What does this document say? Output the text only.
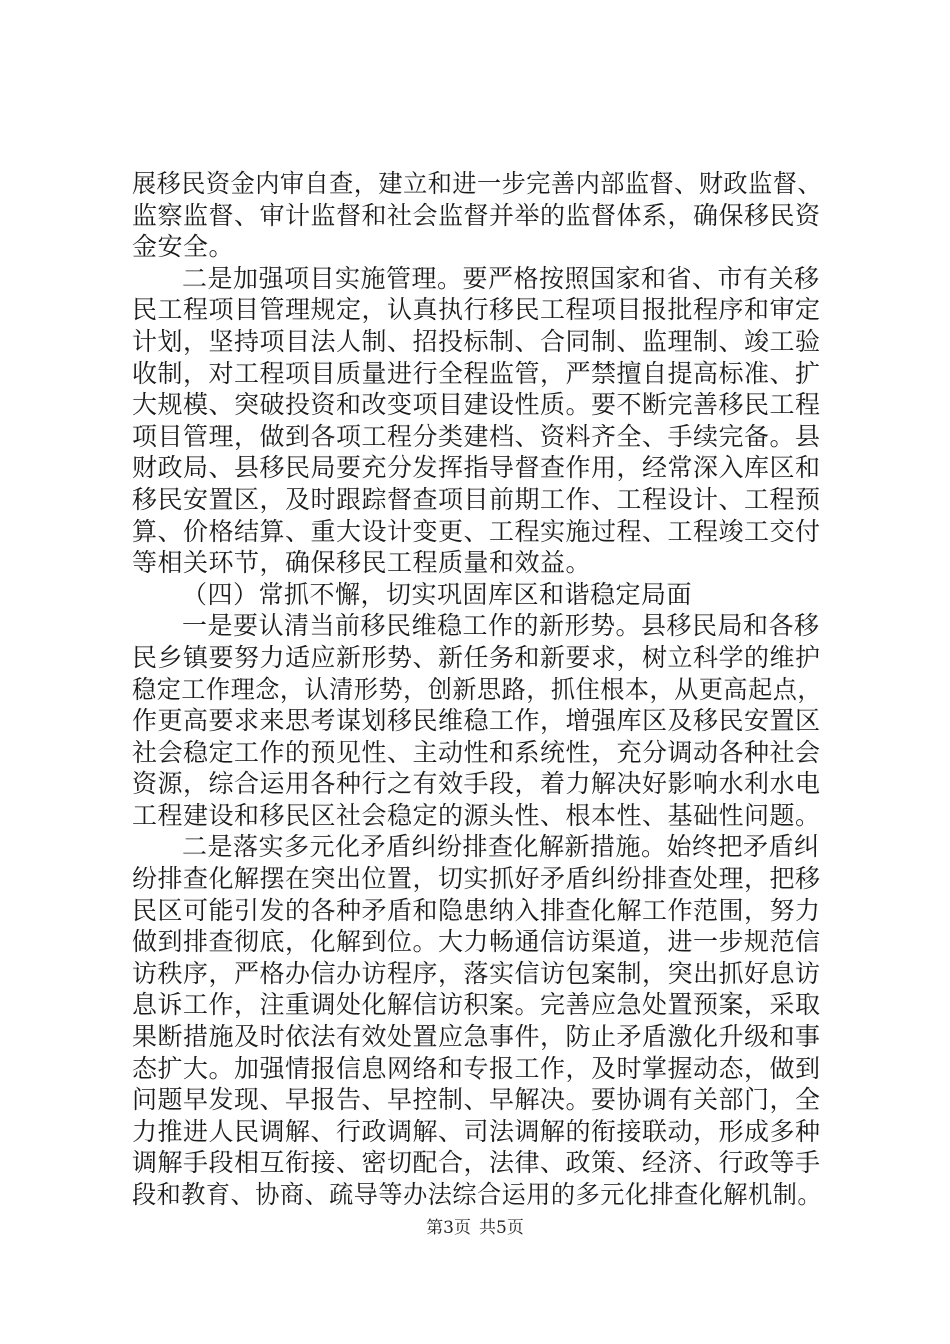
展移民资金内审自查，建立和进一步完善内部监督、财政监督、
监察监督、审计监督和社会监督并举的监督体系，确保移民资
金安全。
二是加强项目实施管理。要严格按照国家和省、市有关移
民工程项目管理规定，认真执行移民工程项目报批程序和审定
计划，坚持项目法人制、招投标制、合同制、监理制、竣工验
收制，对工程项目质量进行全程监管，严禁擅自提高标准、扩
大规模、突破投资和改变项目建设性质。要不断完善移民工程
项目管理，做到各项工程分类建档、资料齐全、手续完备。县
财政局、县移民局要充分发挥指导督查作用，经常深入库区和
移民安置区，及时跟踪督查项目前期工作、工程设计、工程预
算、价格结算、重大设计变更、工程实施过程、工程竣工交付
等相关环节，确保移民工程质量和效益。
（四）常抓不懈，切实巩固库区和谐稳定局面
一是要认清当前移民维稳工作的新形势。县移民局和各移
民乡镇要努力适应新形势、新任务和新要求，树立科学的维护
稳定工作理念，认清形势，创新思路，抓住根本，从更高起点，
作更高要求来思考谋划移民维稳工作，增强库区及移民安置区
社会稳定工作的预见性、主动性和系统性，充分调动各种社会
资源，综合运用各种行之有效手段，着力解决好影响水利水电
工程建设和移民区社会稳定的源头性、根本性、基础性问题。
二是落实多元化矛盾纠纷排查化解新措施。始终把矛盾纠
纷排查化解摆在突出位置，切实抓好矛盾纠纷排查处理，把移
民区可能引发的各种矛盾和隐患纳入排查化解工作范围，努力
做到排查彻底，化解到位。大力畅通信访渠道，进一步规范信
访秩序，严格办信办访程序，落实信访包案制，突出抓好息访
息诉工作，注重调处化解信访积案。完善应急处置预案，采取
果断措施及时依法有效处置应急事件，防止矛盾激化升级和事
态扩大。加强情报信息网络和专报工作，及时掌握动态，做到
问题早发现、早报告、早控制、早解决。要协调有关部门，全
力推进人民调解、行政调解、司法调解的衔接联动，形成多种
调解手段相互衔接、密切配合，法律、政策、经济、行政等手
段和教育、协商、疏导等办法综合运用的多元化排查化解机制。
第3页 共5页
